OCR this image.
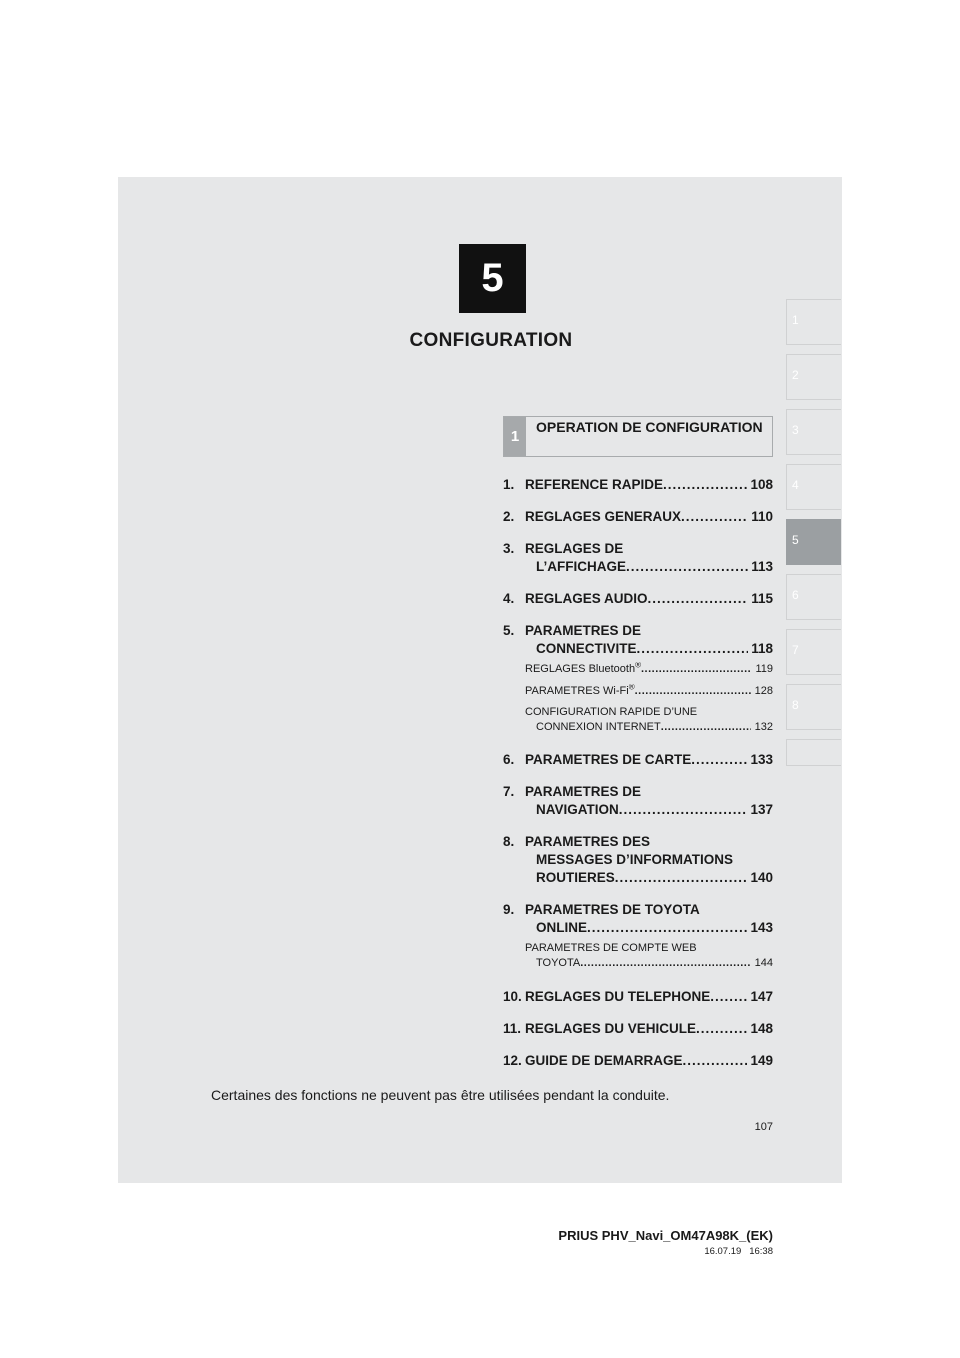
5
CONFIGURATION
1
2
3
4
5
6
7
8
1
OPERATION DE CONFIGURATION
1. REFERENCE RAPIDE .....	108
2. REGLAGES GENERAUX .....	110
3. REGLAGES DE
L’AFFICHAGE .....	113
4. REGLAGES AUDIO .....	115
5. PARAMETRES DE
CONNECTIVITE .....	118
REGLAGES Bluetooth® .....	119
PARAMETRES Wi-Fi® .....	128
CONFIGURATION RAPIDE D’UNE
CONNEXION INTERNET .....	132
6. PARAMETRES DE CARTE .....	133
7. PARAMETRES DE
NAVIGATION .....	137
8. PARAMETRES DES
MESSAGES D’INFORMATIONS
ROUTIERES .....	140
9. PARAMETRES DE TOYOTA
ONLINE .....	143
PARAMETRES DE COMPTE WEB
TOYOTA .....	144
10. REGLAGES DU TELEPHONE .....	147
11. REGLAGES DU VEHICULE .....	148
12. GUIDE DE DEMARRAGE .....	149
Certaines des fonctions ne peuvent pas être utilisées pendant la conduite.
107
PRIUS PHV_Navi_OM47A98K_(EK)
16.07.19 16:38
